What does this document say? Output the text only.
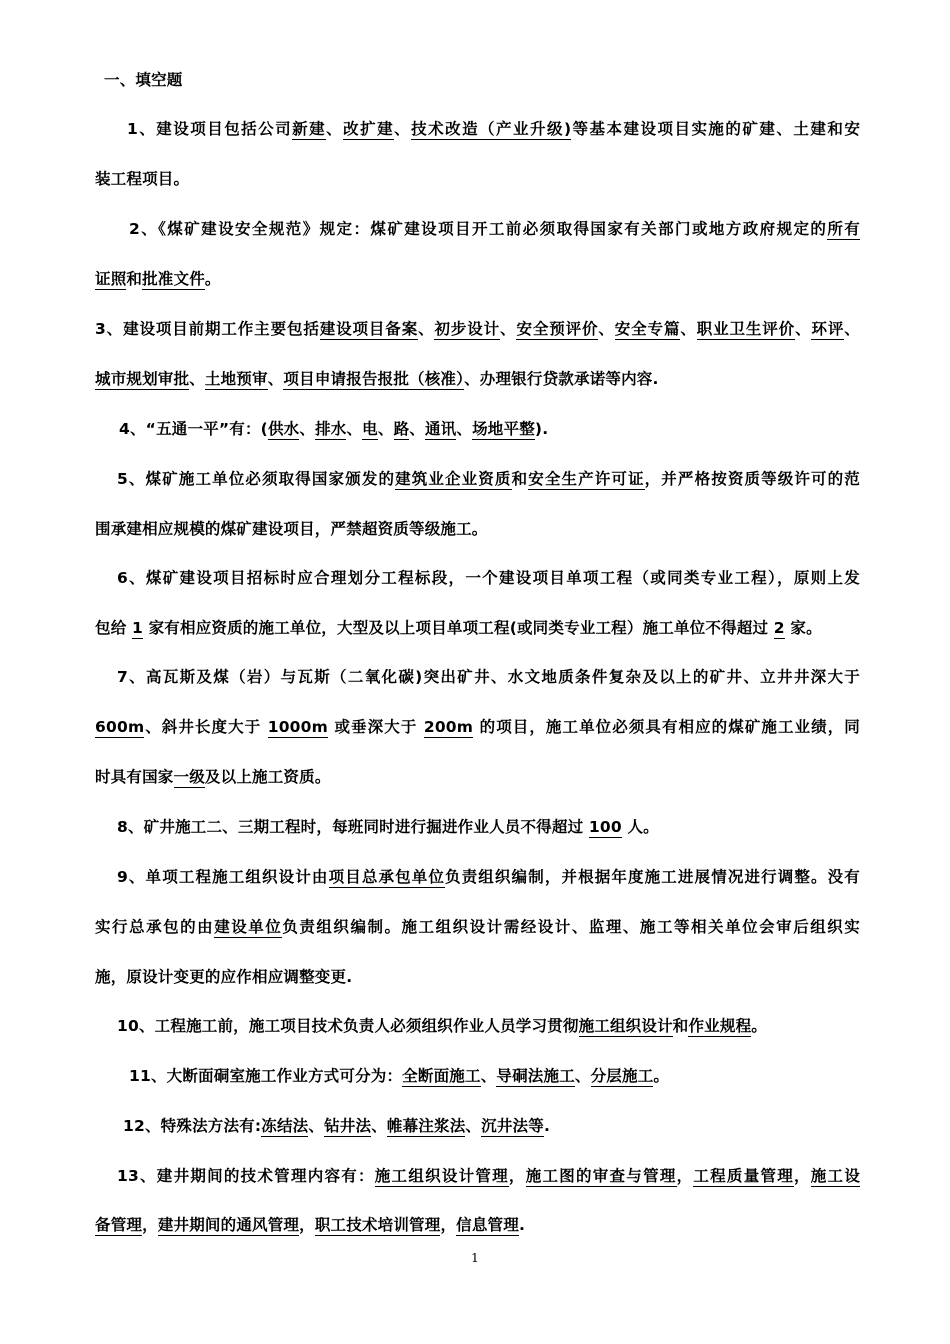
一、填空题
1、建设项目包括公司新建、改扩建、技术改造（产业升级)等基本建设项目实施的矿建、土建和安
装工程项目。
2、《煤矿建设安全规范》规定：煤矿建设项目开工前必须取得国家有关部门或地方政府规定的所有
证照和批准文件。
3、建设项目前期工作主要包括建设项目备案、初步设计、安全预评价、安全专篇、职业卫生评价、环评、
城市规划审批、土地预审、项目申请报告报批（核准）、办理银行贷款承诺等内容.
4、“五通一平”有：(供水、排水、电、路、通讯、场地平整).
5、煤矿施工单位必须取得国家颁发的建筑业企业资质和安全生产许可证，并严格按资质等级许可的范
围承建相应规模的煤矿建设项目，严禁超资质等级施工。
6、煤矿建设项目招标时应合理划分工程标段，一个建设项目单项工程（或同类专业工程），原则上发
包给 1 家有相应资质的施工单位，大型及以上项目单项工程(或同类专业工程）施工单位不得超过 2 家。
7、高瓦斯及煤（岩）与瓦斯（二氧化碳)突出矿井、水文地质条件复杂及以上的矿井、立井井深大于
600m、斜井长度大于 1000m 或垂深大于 200m 的项目，施工单位必须具有相应的煤矿施工业绩，同
时具有国家一级及以上施工资质。
8、矿井施工二、三期工程时，每班同时进行掘进作业人员不得超过 100 人。
9、单项工程施工组织设计由项目总承包单位负责组织编制，并根据年度施工进展情况进行调整。没有
实行总承包的由建设单位负责组织编制。施工组织设计需经设计、监理、施工等相关单位会审后组织实
施，原设计变更的应作相应调整变更.
10、工程施工前，施工项目技术负责人必须组织作业人员学习贯彻施工组织设计和作业规程。
11、大断面硐室施工作业方式可分为：全断面施工、导硐法施工、分层施工。
12、特殊法方法有:冻结法、钻井法、帷幕注浆法、沉井法等.
13、建井期间的技术管理内容有：施工组织设计管理，施工图的审查与管理，工程质量管理，施工设
备管理，建井期间的通风管理，职工技术培训管理，信息管理.
1
